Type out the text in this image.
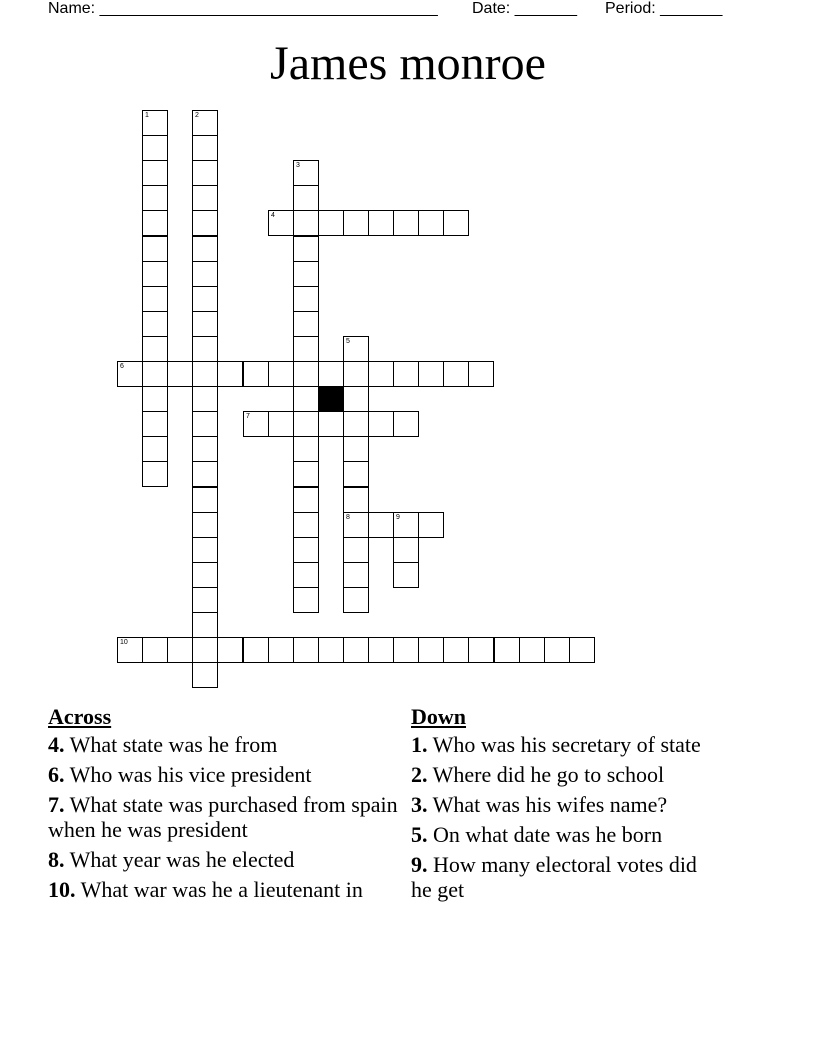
Name: ______________________________________ Date: _______ Period: _______
James monroe
1	2
3
4
5
8
6
7
9
10
Across
4. What state was he from
6. Who was his vice president
7. What state was purchased from spain when he was president
8. What year was he elected
10. What war was he a lieutenant in
Down
1. Who was his secretary of state
2. Where did he go to school
3. What was his wifes name?
5. On what date was he born
9. How many electoral votes did he get
